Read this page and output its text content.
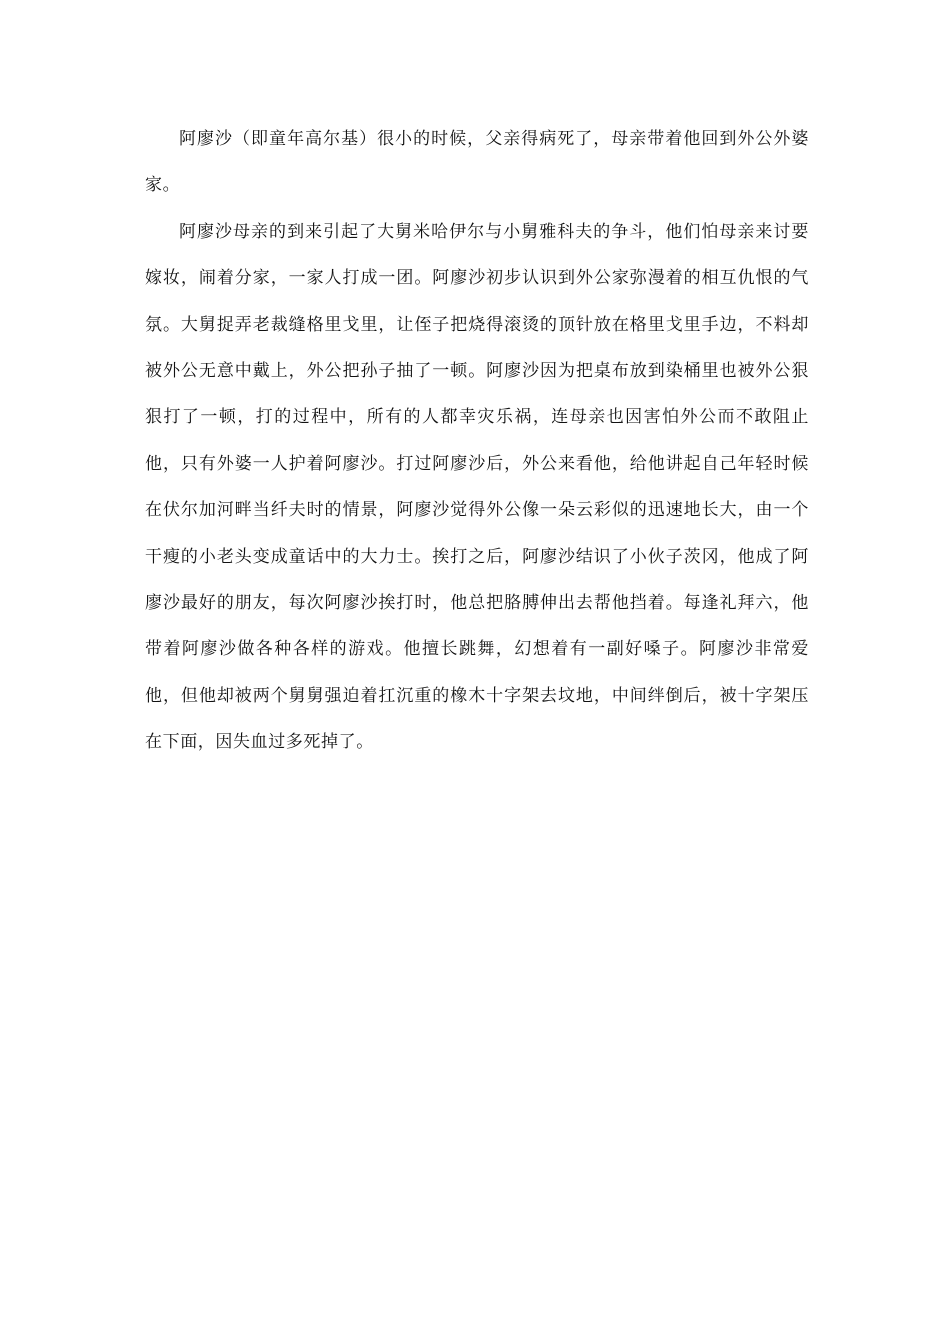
阿廖沙（即童年高尔基）很小的时候，父亲得病死了，母亲带着他回到外公外婆家。

阿廖沙母亲的到来引起了大舅米哈伊尔与小舅雅科夫的争斗，他们怕母亲来讨要嫁妆，闹着分家，一家人打成一团。阿廖沙初步认识到外公家弥漫着的相互仇恨的气氛。大舅捉弄老裁缝格里戈里，让侄子把烧得滚烫的顶针放在格里戈里手边，不料却被外公无意中戴上，外公把孙子抽了一顿。阿廖沙因为把桌布放到染桶里也被外公狠狠打了一顿，打的过程中，所有的人都幸灾乐祸，连母亲也因害怕外公而不敢阻止他，只有外婆一人护着阿廖沙。打过阿廖沙后，外公来看他，给他讲起自己年轻时候在伏尔加河畔当纤夫时的情景，阿廖沙觉得外公像一朵云彩似的迅速地长大，由一个干瘦的小老头变成童话中的大力士。挨打之后，阿廖沙结识了小伙子茨冈，他成了阿廖沙最好的朋友，每次阿廖沙挨打时，他总把胳膊伸出去帮他挡着。每逢礼拜六，他带着阿廖沙做各种各样的游戏。他擅长跳舞，幻想着有一副好嗓子。阿廖沙非常爱他，但他却被两个舅舅强迫着扛沉重的橡木十字架去坟地，中间绊倒后，被十字架压在下面，因失血过多死掉了。
